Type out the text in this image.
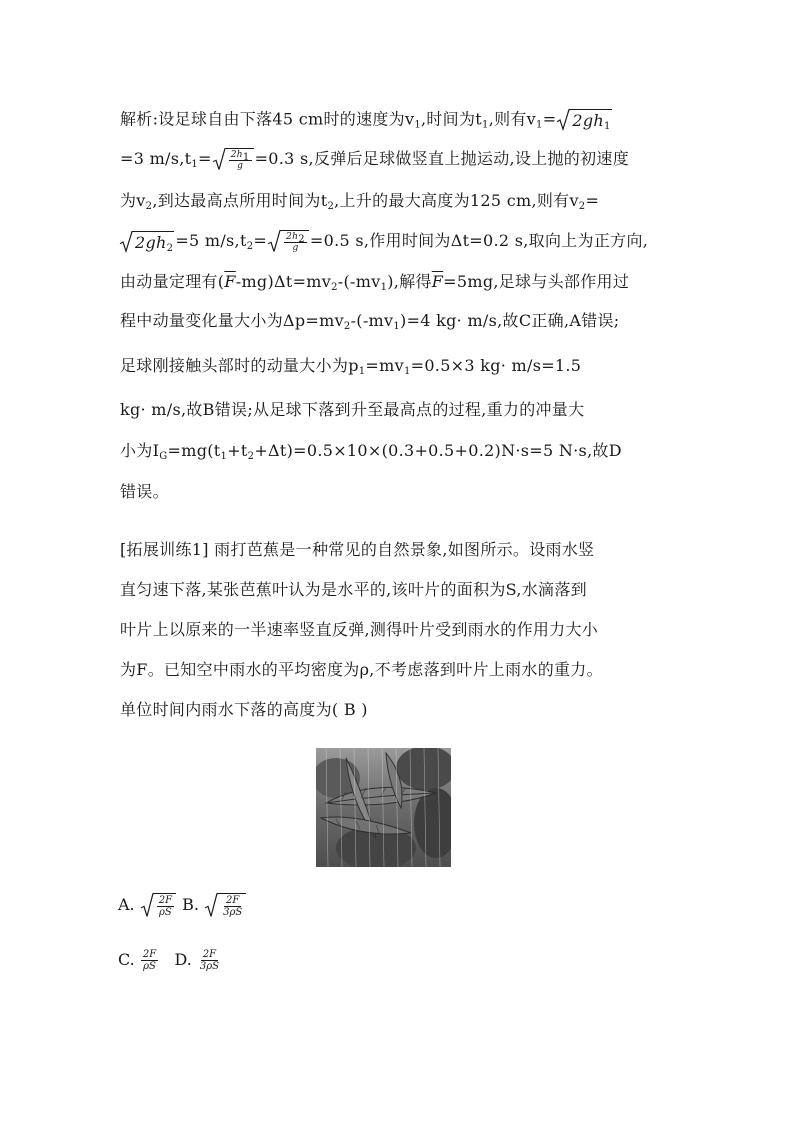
解析:设足球自由下落45 cm时的速度为$v_1$,时间为$t_1$,则有$v_1= 2gh_1$
=3 $m/s,t_1= \frac{2h_1}{g} =0.3$ s,反弹后足球做竖直上抛运动,设上抛的初速度
为$v_2$,到达最高点所用时间为$t_2$,上升的最大高度为125 cm,则有$v_2=$
$2gh_2 =5$ $m/s,t_2= \frac{2h_2}{g} =0.5$ s,作用时间为Δt=0.2 s,取向上为正方向,
由动量定理有$(\overline{F}-mg)\Delta t=mv_2-(-mv_1)$,解得$\overline{F}=5mg$,足球与头部作用过
程中动量变化量大小为$\Delta p=mv_2-(-mv_1)=4$ kg· m/s,故C正确,A错误;
足球刚接触头部时的动量大小为$p_1=mv_1=0.5\times 3$ kg· m/s=1.5
kg· m/s,故B错误;从足球下落到升至最高点的过程,重力的冲量大
小为$I_G=mg(t_1+t_2+\Delta t)=0.5\times 10\times(0.3+0.5+0.2)N\cdot s=5$ N·s,故D
错误。
[拓展训练1] 雨打芭蕉是一种常见的自然景象,如图所示。设雨水竖
直匀速下落,某张芭蕉叶认为是水平的,该叶片的面积为S,水滴落到
叶片上以原来的一半速率竖直反弹,测得叶片受到雨水的作用力大小
为F。已知空中雨水的平均密度为ρ,不考虑落到叶片上雨水的重力。
单位时间内雨水下落的高度为( B )
A. $\frac{2F}{\rho S} B$. $\frac{2F}{3\rho S}$
C. $\frac{2F}{\rho S} D$. $\frac{2F}{3\rho S}$
